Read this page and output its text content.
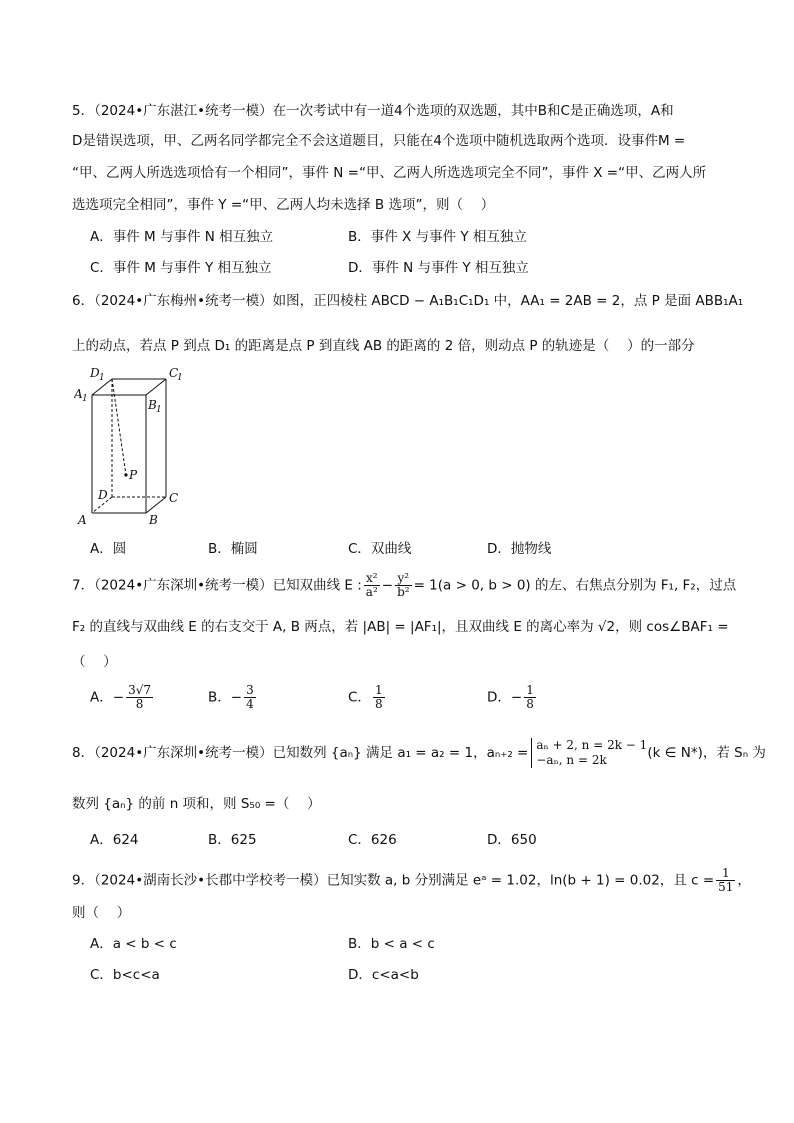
5．（2024•广东湛江•统考一模）在一次考试中有一道4个选项的双选题，其中B和C是正确选项，A和
D是错误选项，甲、乙两名同学都完全不会这道题目，只能在4个选项中随机选取两个选项．设事件M =
“甲、乙两人所选选项恰有一个相同”，事件 N =“甲、乙两人所选选项完全不同”，事件 X =“甲、乙两人所
选选项完全相同”，事件 Y =“甲、乙两人均未选择 B 选项”，则（　 ）
A．事件 M 与事件 N 相互独立	B．事件 X 与事件 Y 相互独立
C．事件 M 与事件 Y 相互独立	D．事件 N 与事件 Y 相互独立
6．（2024•广东梅州•统考一模）如图，正四棱柱 ABCD − A₁B₁C₁D₁ 中，AA₁ = 2AB = 2，点 P 是面 ABB₁A₁
上的动点，若点 P 到点 D₁ 的距离是点 P 到直线 AB 的距离的 2 倍，则动点 P 的轨迹是（　 ）的一部分
D 1	C
1
A 1	B 1
P
D	C
A	B
A．圆	B．椭圆	C．双曲线	D．抛物线
7．（2024•广东深圳•统考一模）已知双曲线 E : $\frac{\text{x²}}{\text{a²}} - \frac{\text{y²}}{\text{b²}} = 1(a > 0$, b > 0) 的左、右焦点分别为 F₁, F₂，过点
F₂ 的直线与双曲线 E 的右支交于 A, B 两点，若 |AB| = |AF₁|，且双曲线 E 的离心率为 √2，则 cos∠BAF₁ =
（　 ）
A．− $\frac{3√7}{8}$	B．− $\frac{3}{4}$	C． $\frac{1}{8}$	D．− $\frac{1}{8}$
8．（2024•广东深圳•统考一模）已知数列 {aₙ} 满足 a₁ = a₂ = 1，aₙ₊₂ = aₙ + 2, n = 2k − 1
−aₙ, n = 2k	(k ∈ N*)，若 Sₙ 为
数列 {aₙ} 的前 n 项和，则 S₅₀ =（　 ）
A．624	B．625	C．626	D．650
9．（2024•湖南长沙•长郡中学校考一模）已知实数 a, b 分别满足 eᵃ = 1.02，ln(b + 1) = 0.02，且 $c = \frac{1}{51}$ ，
则（　 ）
A．a < b < c	B．b < a < c
C．b<c<a	D．c<a<b
